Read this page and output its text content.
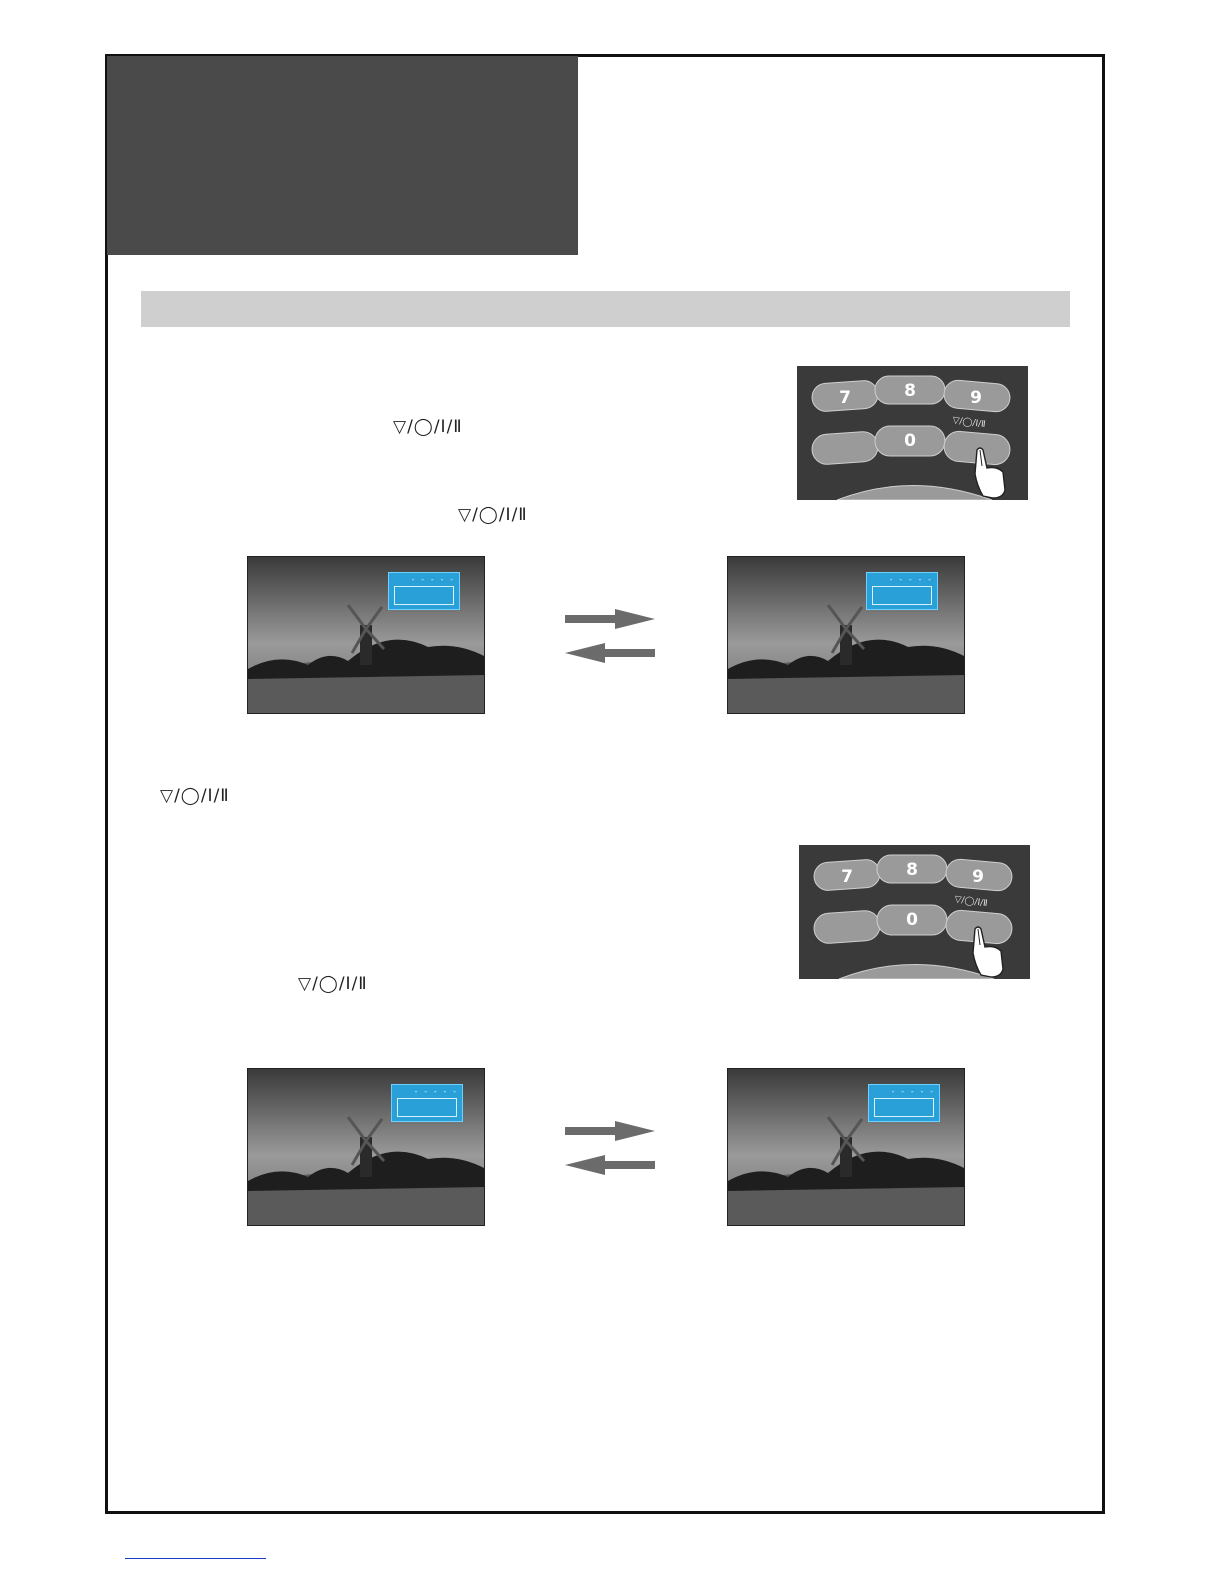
▽/◯/Ⅰ/Ⅱ
▽/◯/Ⅰ/Ⅱ
7	8	9
0
▽/◯/Ⅰ/Ⅱ
- - - - -	- - - - -
▽/◯/Ⅰ/Ⅱ
▽/◯/Ⅰ/Ⅱ
7	8	9
0
▽/◯/Ⅰ/Ⅱ
- - - - -	- - - - -
